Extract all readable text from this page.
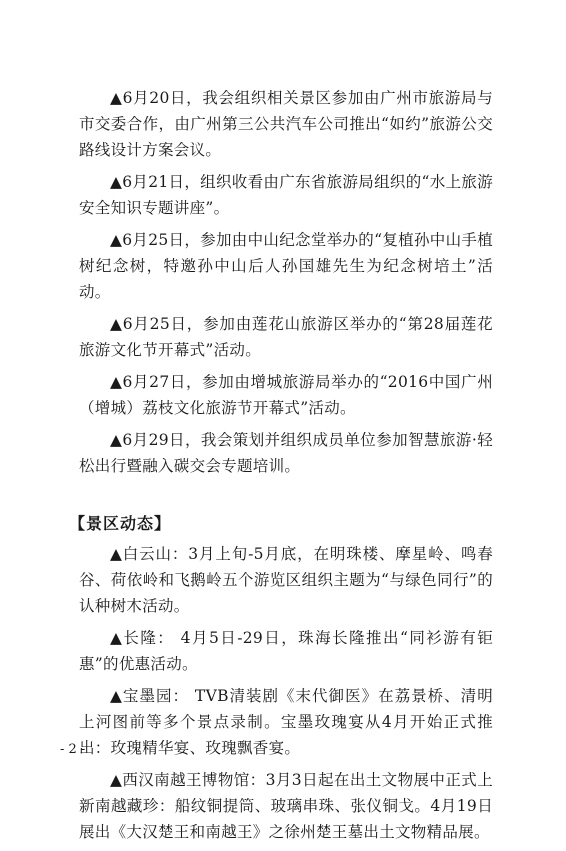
▲6月20日，我会组织相关景区参加由广州市旅游局与市交委合作，由广州第三公共汽车公司推出“如约”旅游公交路线设计方案会议。

▲6月21日，组织收看由广东省旅游局组织的“水上旅游安全知识专题讲座”。

▲6月25日，参加由中山纪念堂举办的“复植孙中山手植树纪念树，特邀孙中山后人孙国雄先生为纪念树培土”活动。

▲6月25日，参加由莲花山旅游区举办的“第28届莲花旅游文化节开幕式”活动。

▲6月27日，参加由增城旅游局举办的“2016中国广州（增城）荔枝文化旅游节开幕式”活动。

▲6月29日，我会策划并组织成员单位参加智慧旅游·轻松出行暨融入碳交会专题培训。

【景区动态】

▲白云山：3月上旬-5月底，在明珠楼、摩星岭、鸣春谷、荷依岭和飞鹅岭五个游览区组织主题为“与绿色同行”的认种树木活动。

▲长隆： 4月5日-29日，珠海长隆推出“同衫游有钜惠”的优惠活动。

▲宝墨园： TVB清装剧《末代御医》在荔景桥、清明上河图前等多个景点录制。宝墨玫瑰宴从4月开始正式推出：玫瑰精华宴、玫瑰飘香宴。

▲西汉南越王博物馆：3月3日起在出土文物展中正式上新南越藏珍：船纹铜提筒、玻璃串珠、张仪铜戈。4月19日展出《大汉楚王和南越王》之徐州楚王墓出土文物精品展。

- 2 -
